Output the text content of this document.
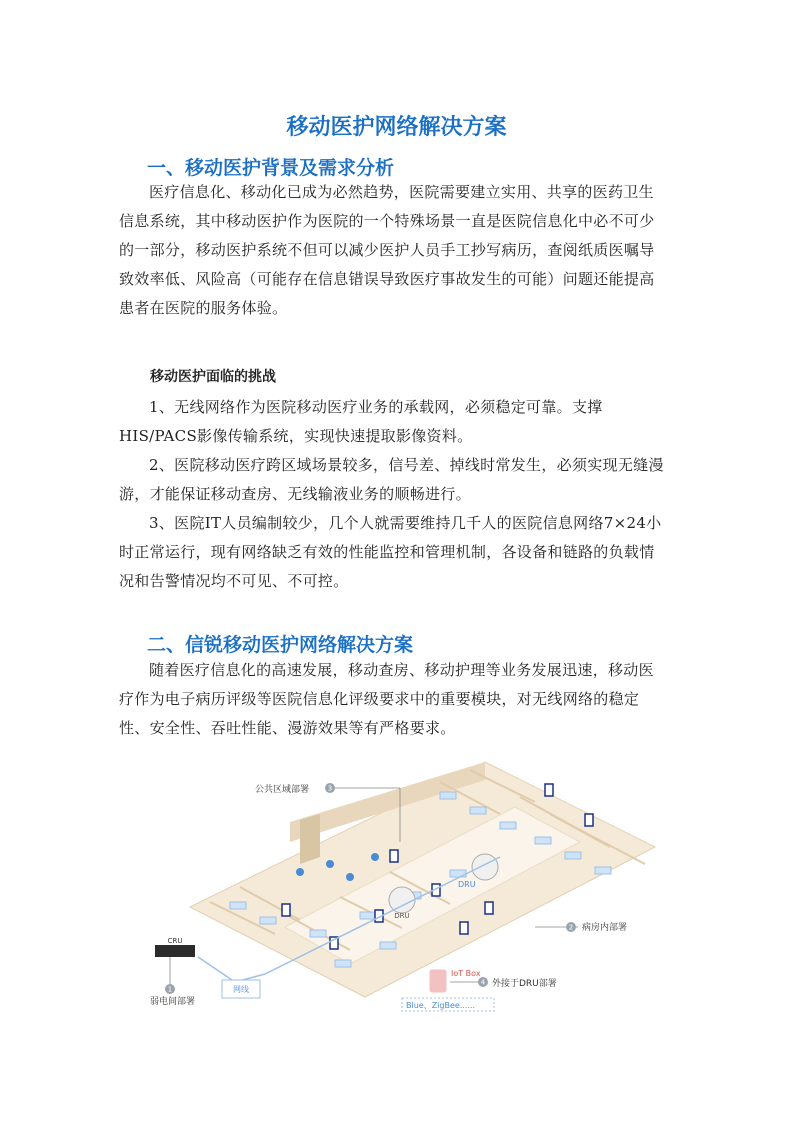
移动医护网络解决方案
一、移动医护背景及需求分析

医疗信息化、移动化已成为必然趋势，医院需要建立实用、共享的医药卫生信息系统，其中移动医护作为医院的一个特殊场景一直是医院信息化中必不可少的一部分，移动医护系统不但可以减少医护人员手工抄写病历，查阅纸质医嘱导致效率低、风险高（可能存在信息错误导致医疗事故发生的可能）问题还能提高患者在医院的服务体验。

移动医护面临的挑战

1、无线网络作为医院移动医疗业务的承载网，必须稳定可靠。支撑HIS/PACS影像传输系统，实现快速提取影像资料。

2、医院移动医疗跨区域场景较多，信号差、掉线时常发生，必须实现无缝漫游，才能保证移动查房、无线输液业务的顺畅进行。

3、医院IT人员编制较少，几个人就需要维持几千人的医院信息网络7×24小时正常运行，现有网络缺乏有效的性能监控和管理机制，各设备和链路的负载情况和告警情况均不可见、不可控。

二、信锐移动医护网络解决方案

随着医疗信息化的高速发展，移动查房、移动护理等业务发展迅速，移动医疗作为电子病历评级等医院信息化评级要求中的重要模块，对无线网络的稳定性、安全性、吞吐性能、漫游效果等有严格要求。

DRU
DRU
CRU
网线
IoT Box
Blue、ZigBee......
3
2
4
1
公共区域部署
病房内部署
外接于DRU部署
弱电间部署
